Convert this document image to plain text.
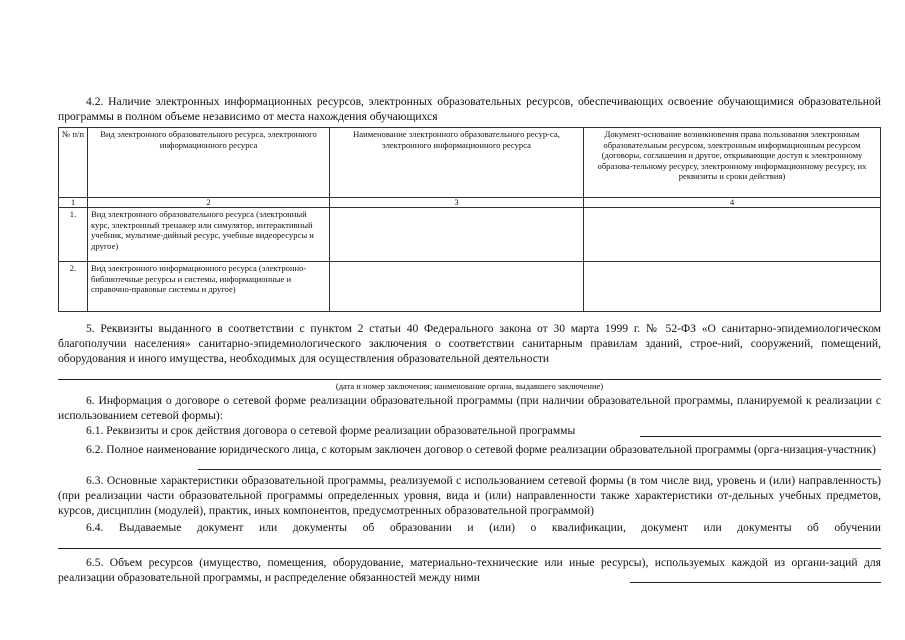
4.2. Наличие электронных информационных ресурсов, электронных образовательных ресурсов, обеспечивающих освоение обучающимися образовательной программы в полном объеме независимо от места нахождения обучающихся
№ п/п	Вид электронного образовательного ресурса, электронного информационного ресурса	Наименование электронного образовательного ресур-са, электронного информационного ресурса	Документ-основание возникновения права пользования электронным образовательным ресурсом, электронным информационным ресурсом (договоры, соглашения и другое, открывающие доступ к электронному образова-тельному ресурсу, электронному информационному ресурсу, их реквизиты и сроки действия)
1	2	3	4
1.	Вид электронного образовательного ресурса (электронный курс, электронный тренажер или симулятор, интерактивный учебник, мультиме-дийный ресурс, учебные видеоресурсы и другое)		
2.	Вид электронного информационного ресурса (электронно-библиотечные ресурсы и системы, информационные и справочно-правовые системы и другое)		
5. Реквизиты выданного в соответствии с пунктом 2 статьи 40 Федерального закона от 30 марта 1999 г. № 52-ФЗ «О санитарно-эпидемиологическом благополучии населения» санитарно-эпидемиологического заключения о соответствии санитарным правилам зданий, строе-ний, сооружений, помещений, оборудования и иного имущества, необходимых для осуществления образовательной деятельности
(дата и номер заключения; наименование органа, выдавшего заключение)
6. Информация о договоре о сетевой форме реализации образовательной программы (при наличии образовательной программы, планируемой к реализации с использованием сетевой формы):
6.1. Реквизиты и срок действия договора о сетевой форме реализации образовательной программы
6.2. Полное наименование юридического лица, с которым заключен договор о сетевой форме реализации образовательной программы (орга-низация-участник)
6.3. Основные характеристики образовательной программы, реализуемой с использованием сетевой формы (в том числе вид, уровень и (или) направленность) (при реализации части образовательной программы определенных уровня, вида и (или) направленности также характеристики от-дельных учебных предметов, курсов, дисциплин (модулей), практик, иных компонентов, предусмотренных образовательной программой)
6.4. Выдаваемые документ или документы об образовании и (или) о квалификации, документ или документы об обучении
6.5. Объем ресурсов (имущество, помещения, оборудование, материально-технические или иные ресурсы), используемых каждой из органи-заций для реализации образовательной программы, и распределение обязанностей между ними
